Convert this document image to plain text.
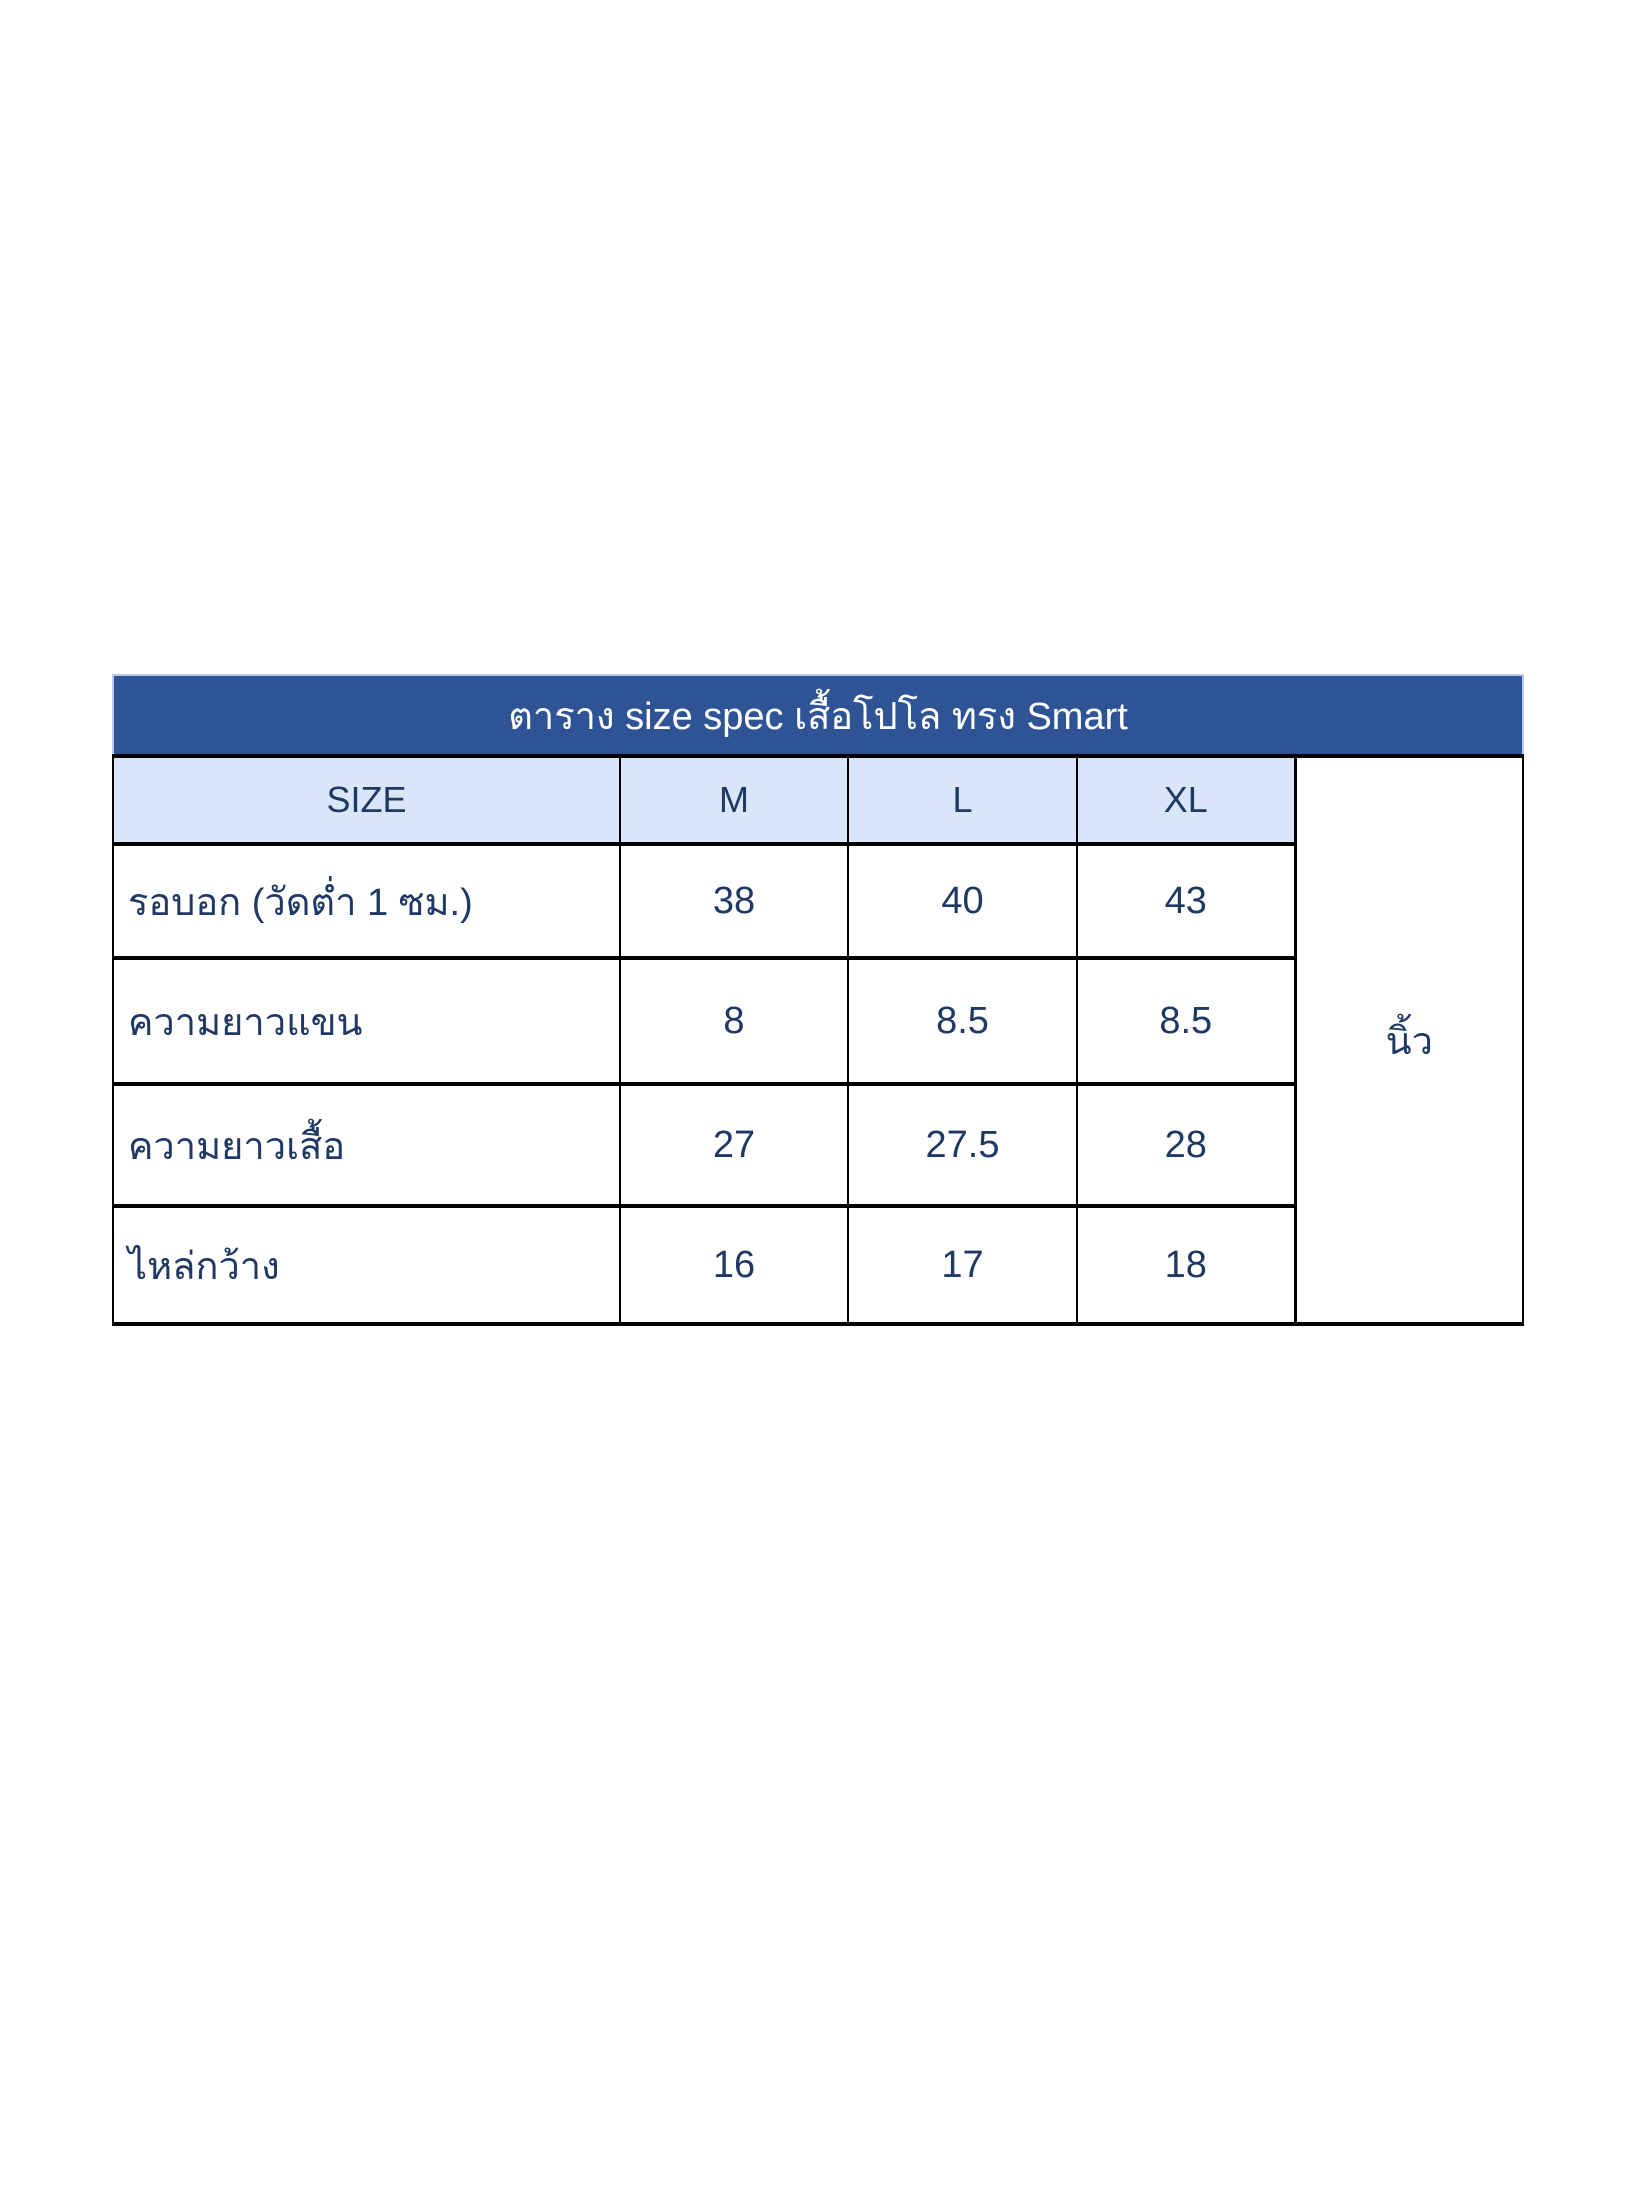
ตาราง size spec เสื้อโปโล ทรง Smart				
SIZE	M	L	XL	นิ้ว
รอบอก (วัดต่ำ 1 ซม.)	38	40	43	
ความยาวแขน	8	8.5	8.5	
ความยาวเสื้อ	27	27.5	28	
ไหล่กว้าง	16	17	18	
